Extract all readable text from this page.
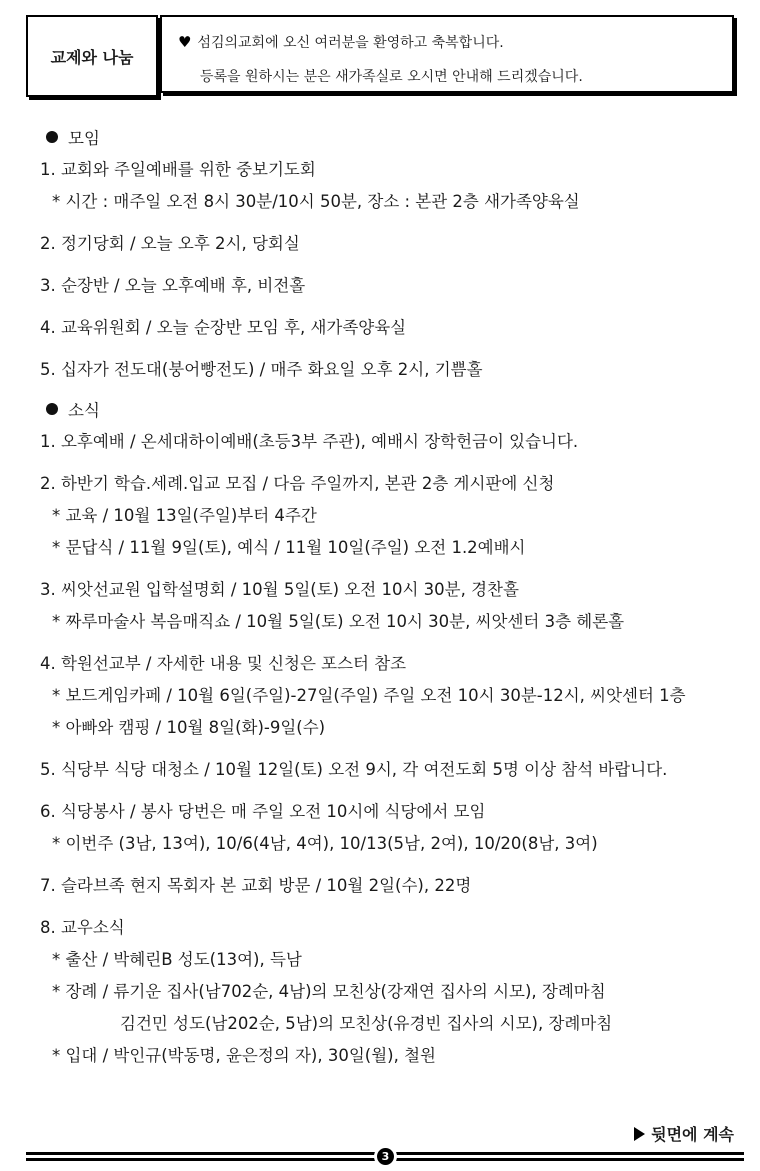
교제와 나눔
♥ 섬김의교회에 오신 여러분을 환영하고 축복합니다.
등록을 원하시는 분은 새가족실로 오시면 안내해 드리겠습니다.
모임
1. 교회와 주일예배를 위한 중보기도회
* 시간 : 매주일 오전 8시 30분/10시 50분, 장소 : 본관 2층 새가족양육실
2. 정기당회 / 오늘 오후 2시, 당회실
3. 순장반 / 오늘 오후예배 후, 비전홀
4. 교육위원회 / 오늘 순장반 모임 후, 새가족양육실
5. 십자가 전도대(붕어빵전도) / 매주 화요일 오후 2시, 기쁨홀
소식
1. 오후예배 / 온세대하이예배(초등3부 주관), 예배시 장학헌금이 있습니다.
2. 하반기 학습.세례.입교 모집 / 다음 주일까지, 본관 2층 게시판에 신청
* 교육 / 10월 13일(주일)부터 4주간
* 문답식 / 11월 9일(토), 예식 / 11월 10일(주일) 오전 1.2예배시
3. 씨앗선교원 입학설명회 / 10월 5일(토) 오전 10시 30분, 경찬홀
* 짜루마술사 복음매직쇼 / 10월 5일(토) 오전 10시 30분, 씨앗센터 3층 헤론홀
4. 학원선교부 / 자세한 내용 및 신청은 포스터 참조
* 보드게임카페 / 10월 6일(주일)-27일(주일) 주일 오전 10시 30분-12시, 씨앗센터 1층
* 아빠와 캠핑 / 10월 8일(화)-9일(수)
5. 식당부 식당 대청소 / 10월 12일(토) 오전 9시, 각 여전도회 5명 이상 참석 바랍니다.
6. 식당봉사 / 봉사 당번은 매 주일 오전 10시에 식당에서 모임
* 이번주 (3남, 13여), 10/6(4남, 4여), 10/13(5남, 2여), 10/20(8남, 3여)
7. 슬라브족 현지 목회자 본 교회 방문 / 10월 2일(수), 22명
8. 교우소식
* 출산 / 박혜린B 성도(13여), 득남
* 장례 / 류기운 집사(남702순, 4남)의 모친상(강재연 집사의 시모), 장례마침
김건민 성도(남202순, 5남)의 모친상(유경빈 집사의 시모), 장례마침
* 입대 / 박인규(박동명, 윤은정의 자), 30일(월), 철원
뒷면에 계속
3
